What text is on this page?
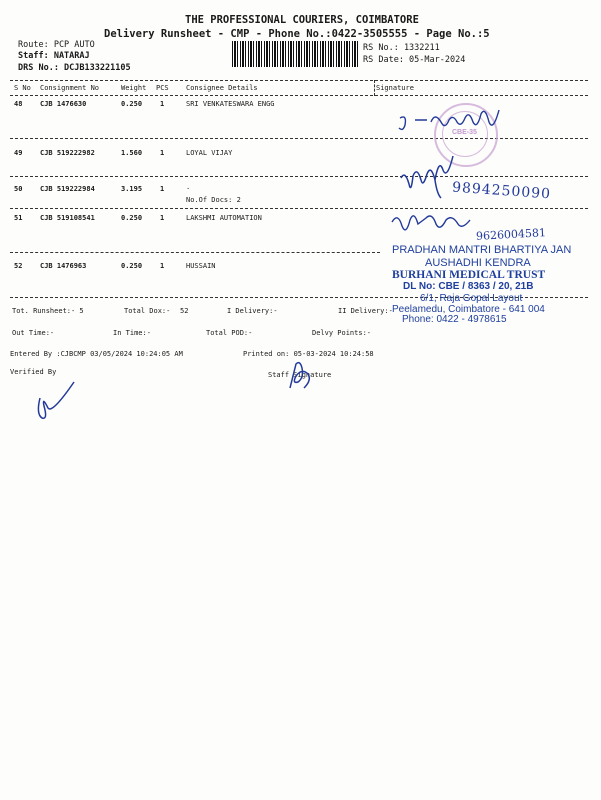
THE PROFESSIONAL COURIERS, COIMBATORE
Delivery Runsheet - CMP - Phone No.:0422-3505555 - Page No.:5
Route: PCP AUTO
Staff: NATARAJ
DRS No.: DCJB133221105
RS No.: 1332211
RS Date: 05-Mar-2024
S No Consignment No	Weight PCS Consignee Details	Signature
48	CJB 1476630	0.250	1	SRI VENKATESWARA ENGG
49	CJB 519222982	1.560	1	LOYAL VIJAY
50	CJB 519222984	3.195	1	.
No.Of Docs: 2
51	CJB 519108541	0.250	1	LAKSHMI AUTOMATION
52	CJB 1476963	0.250	1	HUSSAIN
Tot. Runsheet:- 5	Total Dox:- 52	I Delivery:-	II Delivery:-
Out Time:-	In Time:-	Total POD:-	Delvy Points:-
Entered By :CJBCMP 03/05/2024 10:24:05 AM	Printed on: 05-03-2024 10:24:58
Verified By	Staff Signature
CBE-35
9894250090
9626004581
PRADHAN MANTRI BHARTIYA JAN
AUSHADHI KENDRA
BURHANI MEDICAL TRUST
DL No: CBE / 8363 / 20, 21B
6/1, Raja Gopal Layout
Peelamedu, Coimbatore - 641 004
Phone: 0422 - 4978615
